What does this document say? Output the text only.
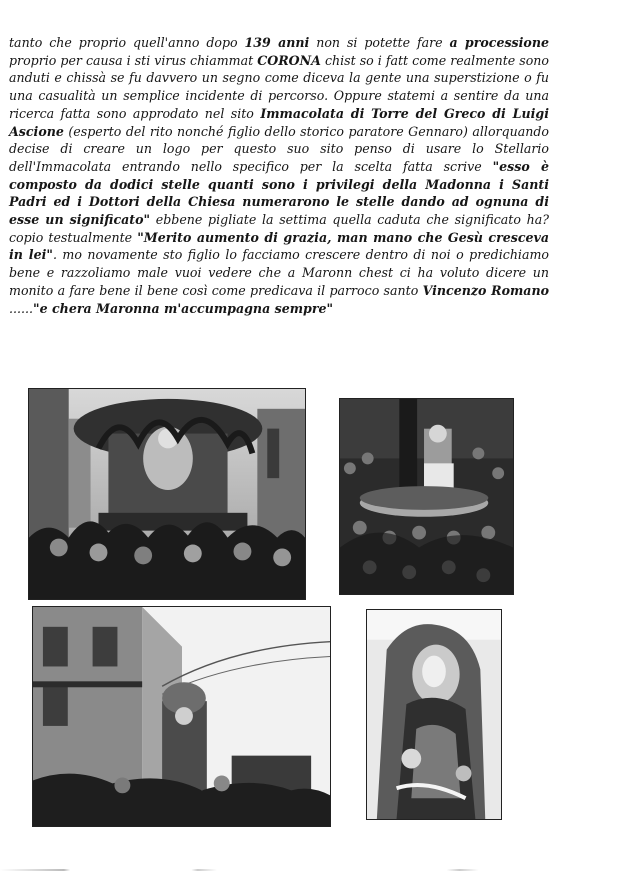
tanto che proprio quell'anno dopo 139 anni non si potette fare a processione proprio per causa i sti virus chiammat CORONA chist so i fatt come realmente sono anduti e chissà se fu davvero un segno come diceva la gente una superstizione o fu una casualità un semplice incidente di percorso. Oppure statemi a sentire da una ricerca fatta sono approdato nel sito Immacolata di Torre del Greco di Luigi Ascione (esperto del rito nonché figlio dello storico paratore Gennaro) allorquando decise di creare un logo per questo suo sito penso di usare lo Stellario dell'Immacolata entrando nello specifico per la scelta fatta scrive "esso è composto da dodici stelle quanti sono i privilegi della Madonna i Santi Padri ed i Dottori della Chiesa numerarono le stelle dando ad ognuna di esse un significato" ebbene pigliate la settima quella caduta che significato ha? copio testualmente "Merito aumento di grazia, man mano che Gesù cresceva in lei". mo novamente sto figlio lo facciamo crescere dentro di noi o predichiamo bene e razzoliamo male vuoi vedere che a Maronn chest ci ha voluto dicere un monito a fare bene il bene così come predicava il parroco santo Vincenzo Romano ......"e chera Maronna m'accumpagna sempre"
